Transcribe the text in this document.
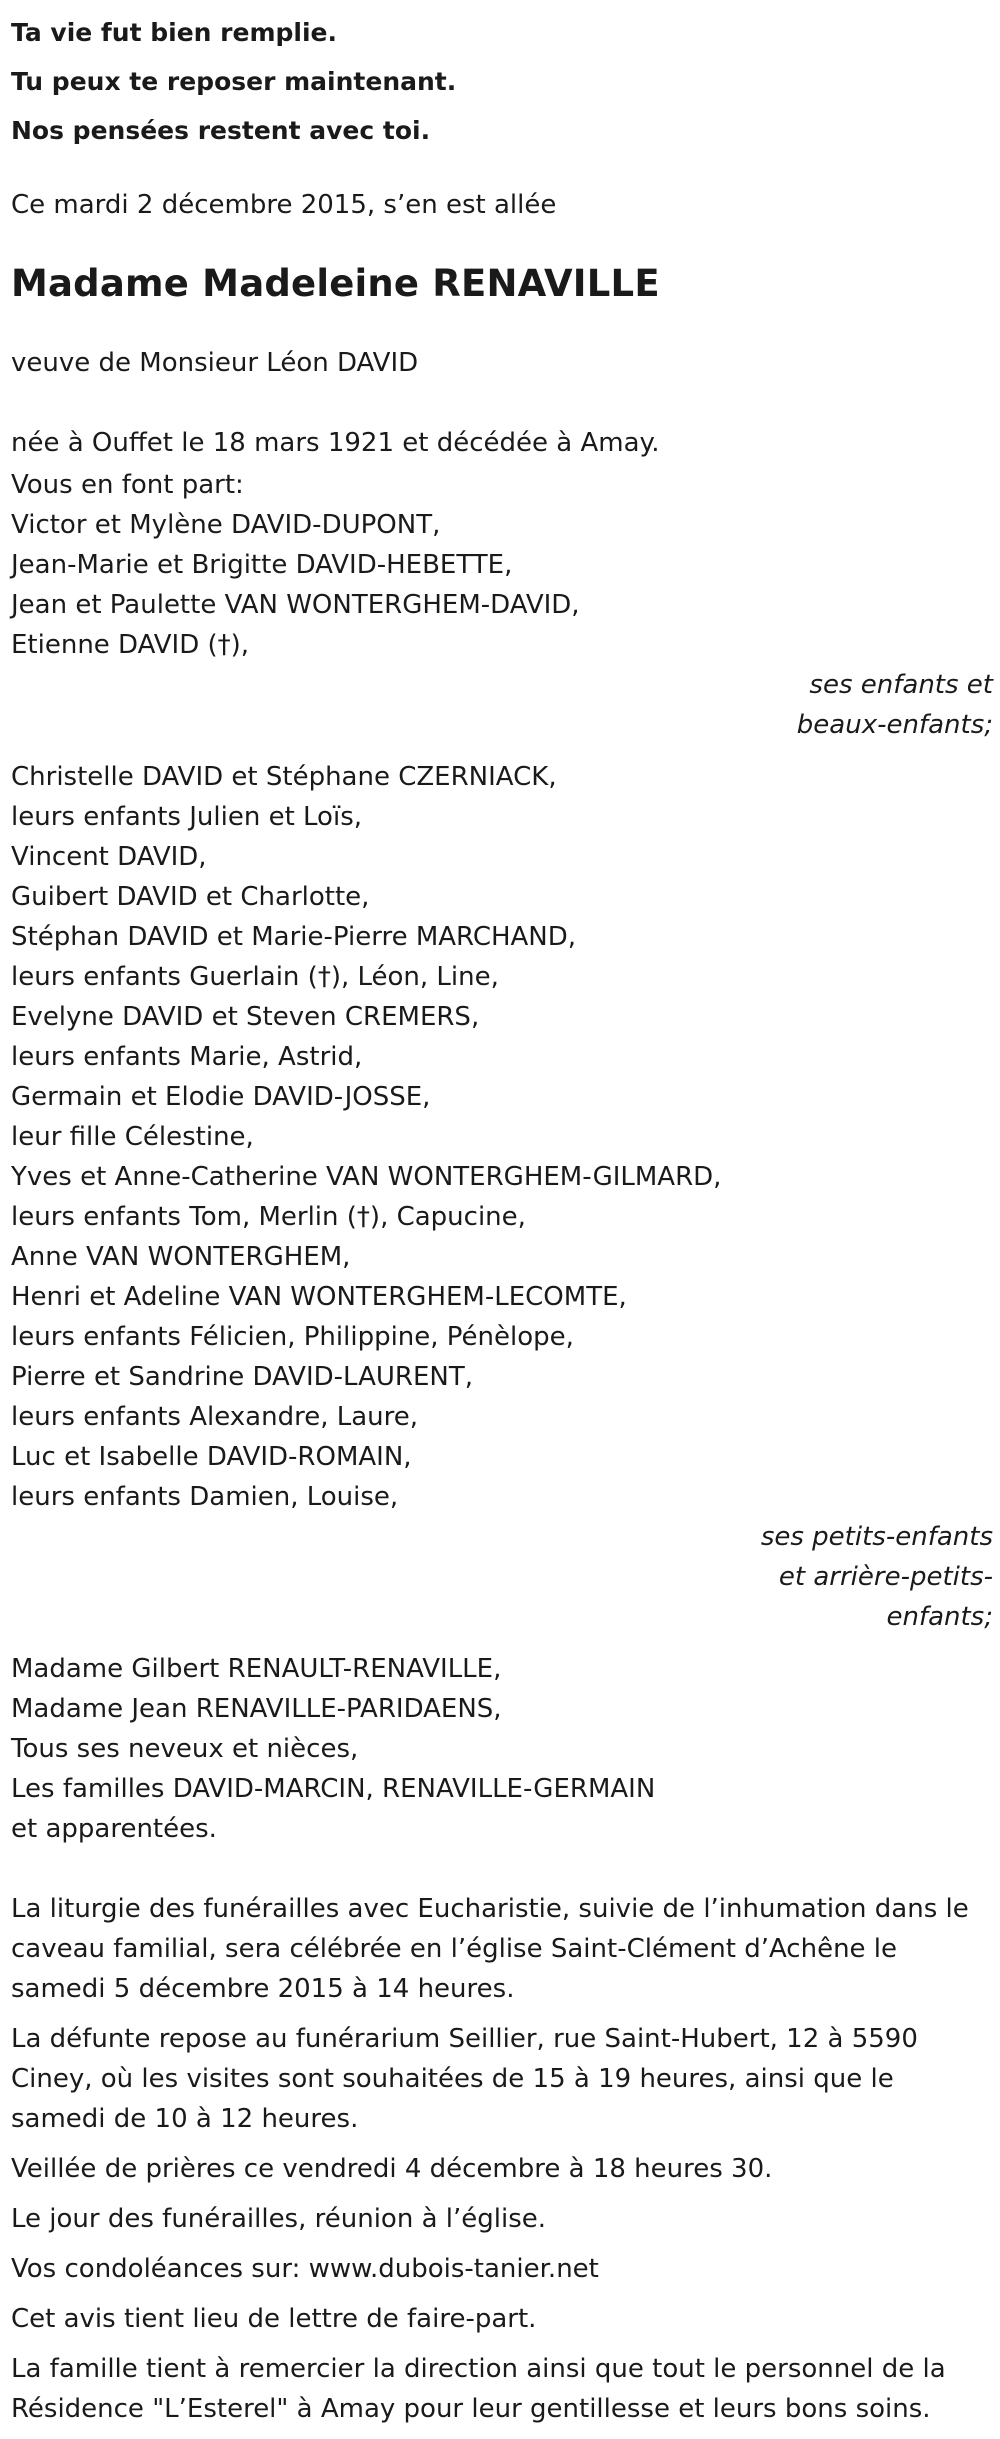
Ta vie fut bien remplie.

Tu peux te reposer maintenant.

Nos pensées restent avec toi.

Ce mardi 2 décembre 2015, s’en est allée

Madame Madeleine RENAVILLE

veuve de Monsieur Léon DAVID

née à Ouffet le 18 mars 1921 et décédée à Amay.

Vous en font part:

Victor et Mylène DAVID-DUPONT,
Jean-Marie et Brigitte DAVID-HEBETTE,
Jean et Paulette VAN WONTERGHEM-DAVID,
Etienne DAVID (†),

ses enfants et
beaux-enfants;

Christelle DAVID et Stéphane CZERNIACK,
leurs enfants Julien et Loïs,
Vincent DAVID,
Guibert DAVID et Charlotte,
Stéphan DAVID et Marie-Pierre MARCHAND,
leurs enfants Guerlain (†), Léon, Line,
Evelyne DAVID et Steven CREMERS,
leurs enfants Marie, Astrid,
Germain et Elodie DAVID-JOSSE,
leur fille Célestine,
Yves et Anne-Catherine VAN WONTERGHEM-GILMARD,
leurs enfants Tom, Merlin (†), Capucine,
Anne VAN WONTERGHEM,
Henri et Adeline VAN WONTERGHEM-LECOMTE,
leurs enfants Félicien, Philippine, Pénèlope,
Pierre et Sandrine DAVID-LAURENT,
leurs enfants Alexandre, Laure,
Luc et Isabelle DAVID-ROMAIN,
leurs enfants Damien, Louise,

ses petits-enfants
et arrière-petits-
enfants;

Madame Gilbert RENAULT-RENAVILLE,
Madame Jean RENAVILLE-PARIDAENS,
Tous ses neveux et nièces,
Les familles DAVID-MARCIN, RENAVILLE-GERMAIN
et apparentées.

La liturgie des funérailles avec Eucharistie, suivie de l’inhumation dans le caveau familial, sera célébrée en l’église Saint-Clément d’Achêne le samedi 5 décembre 2015 à 14 heures.

La défunte repose au funérarium Seillier, rue Saint-Hubert, 12 à 5590 Ciney, où les visites sont souhaitées de 15 à 19 heures, ainsi que le samedi de 10 à 12 heures.

Veillée de prières ce vendredi 4 décembre à 18 heures 30.

Le jour des funérailles, réunion à l’église.

Vos condoléances sur: www.dubois-tanier.net

Cet avis tient lieu de lettre de faire-part.

La famille tient à remercier la direction ainsi que tout le personnel de la Résidence "L’Esterel" à Amay pour leur gentillesse et leurs bons soins.
